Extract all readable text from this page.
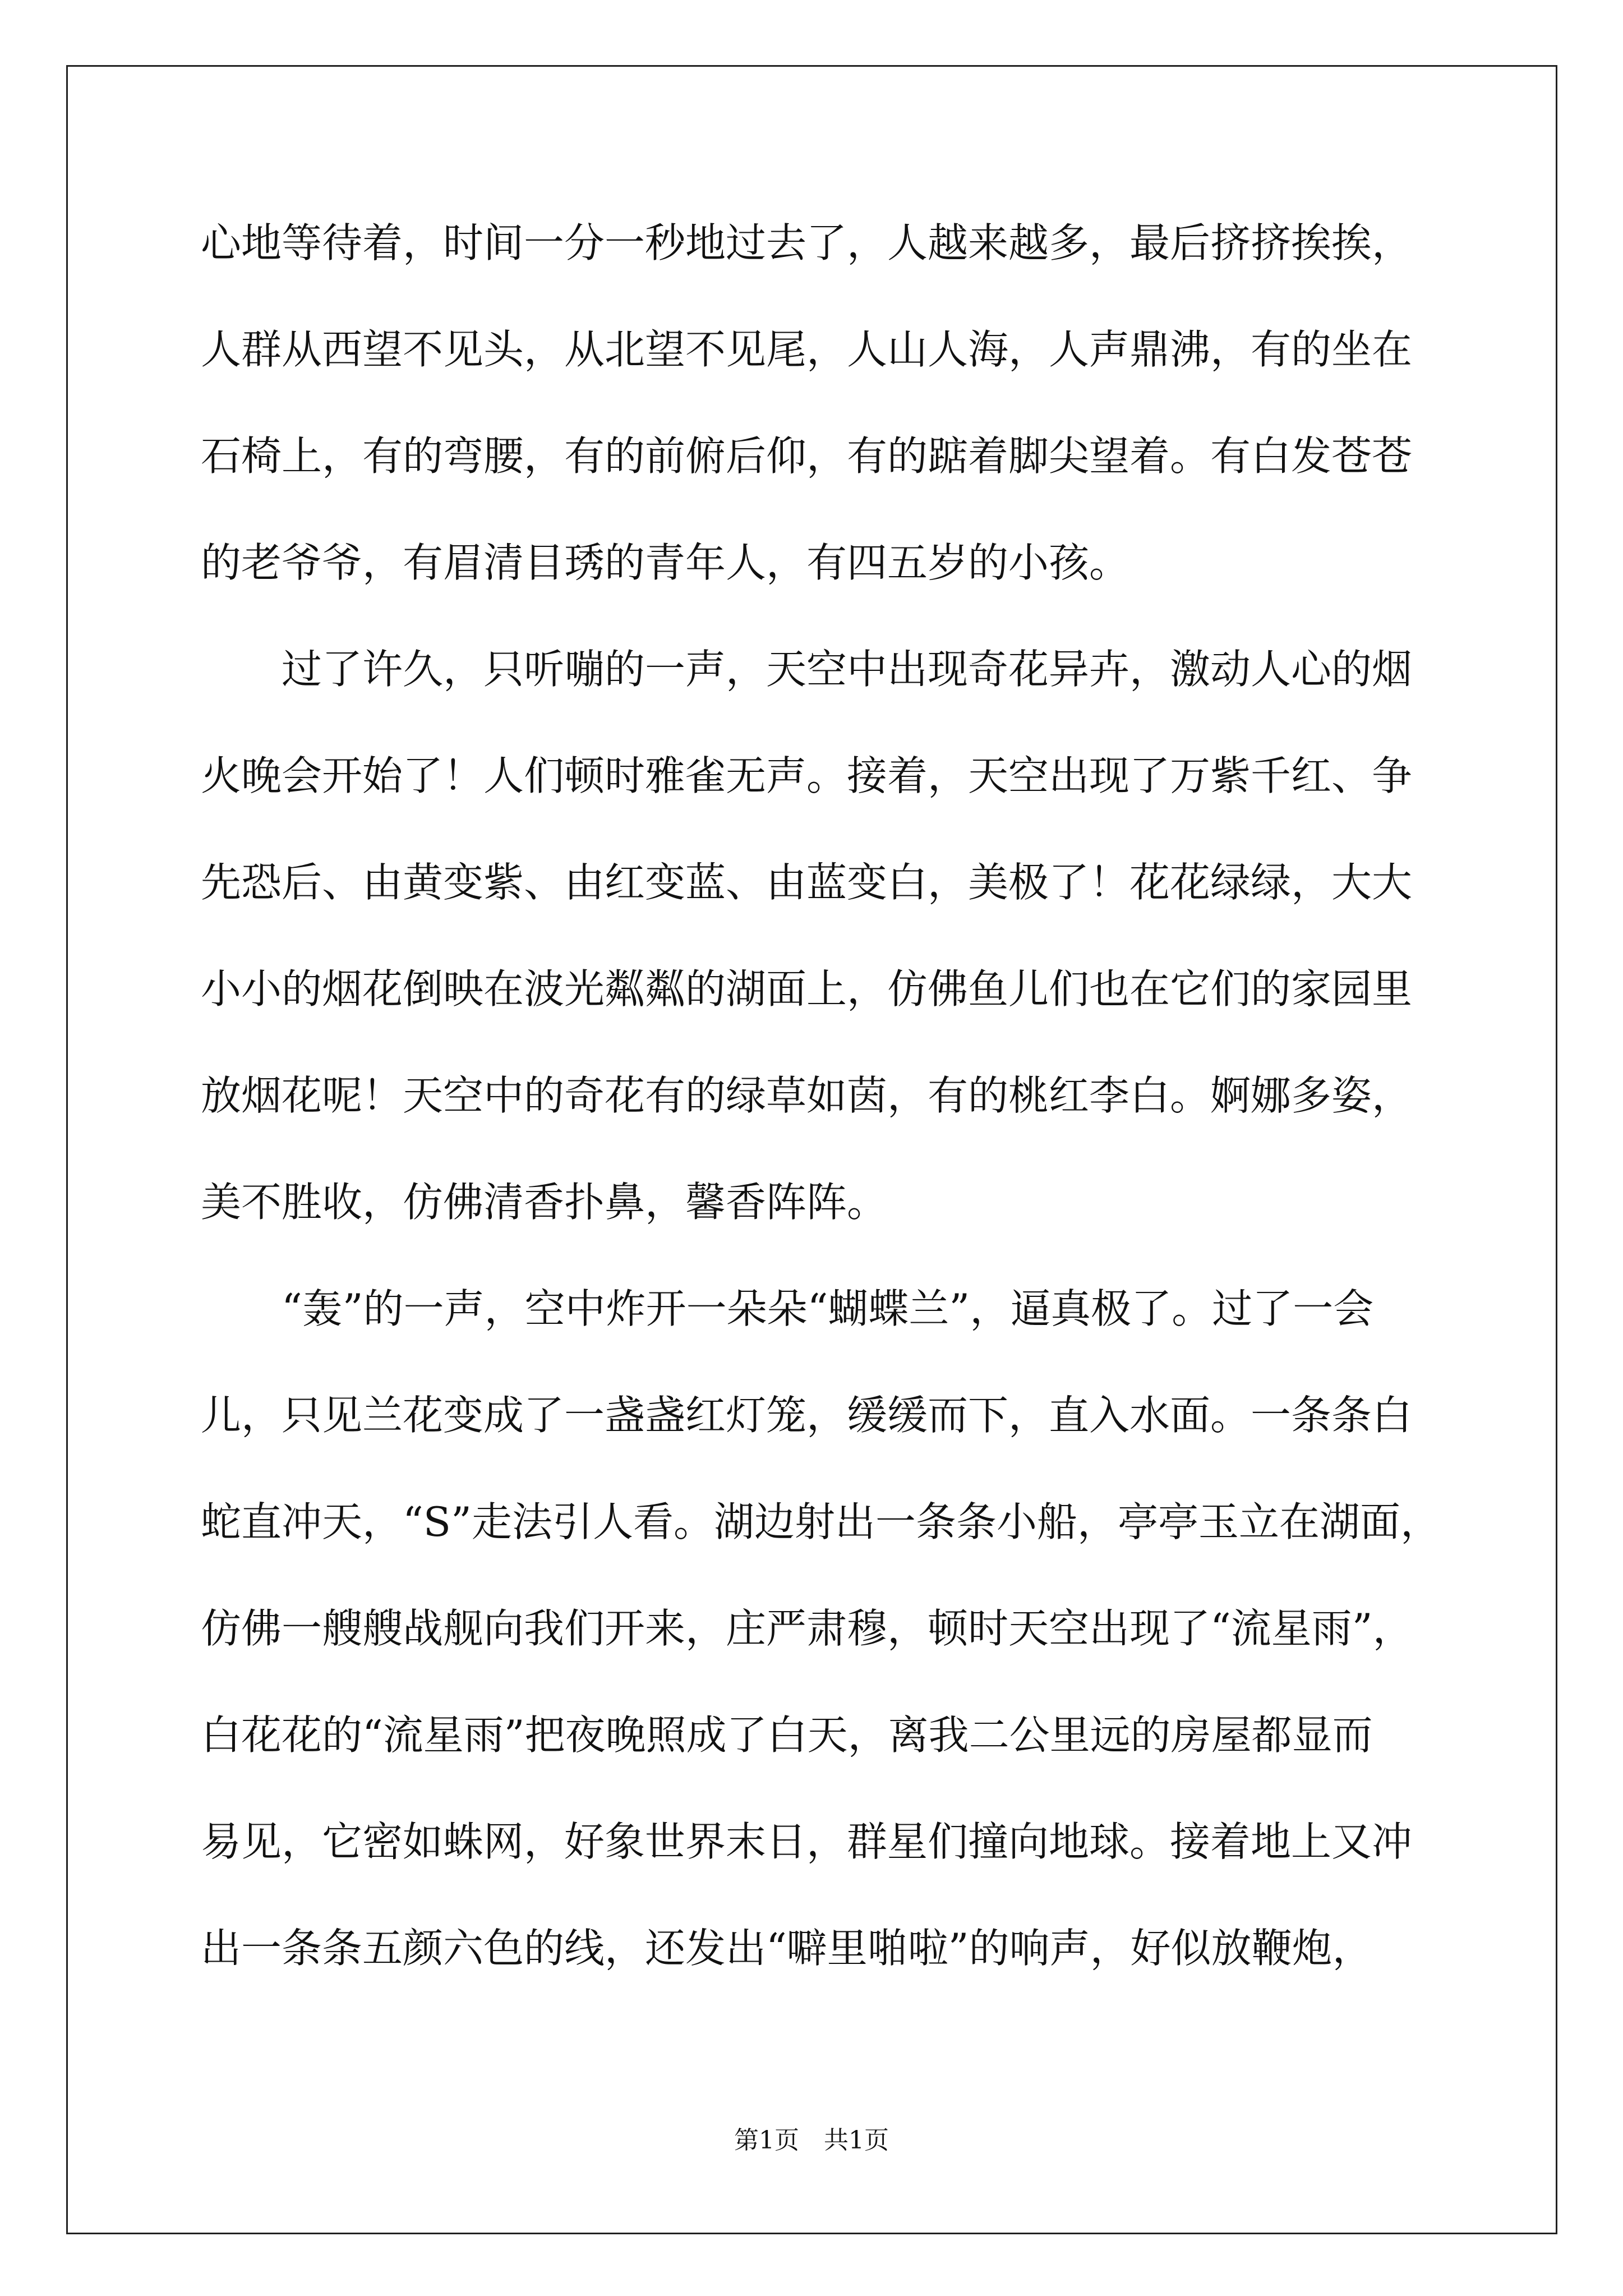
心地等待着，时间一分一秒地过去了，人越来越多，最后挤挤挨挨，
人群从西望不见头，从北望不见尾，人山人海，人声鼎沸，有的坐在
石椅上，有的弯腰，有的前俯后仰，有的踮着脚尖望着。有白发苍苍
的老爷爷，有眉清目琇的青年人，有四五岁的小孩。
　　过了许久，只听嘣的一声，天空中出现奇花异卉，激动人心的烟
火晚会开始了！人们顿时雅雀无声。接着，天空出现了万紫千红、争
先恐后、由黄变紫、由红变蓝、由蓝变白，美极了！花花绿绿，大大
小小的烟花倒映在波光粼粼的湖面上，仿佛鱼儿们也在它们的家园里
放烟花呢！天空中的奇花有的绿草如茵，有的桃红李白。婀娜多姿，
美不胜收，仿佛清香扑鼻，馨香阵阵。
　　“轰”的一声，空中炸开一朵朵“蝴蝶兰”，逼真极了。过了一会
儿，只见兰花变成了一盏盏红灯笼，缓缓而下，直入水面。一条条白
蛇直冲天，“S”走法引人看。湖边射出一条条小船，亭亭玉立在湖面，
仿佛一艘艘战舰向我们开来，庄严肃穆，顿时天空出现了“流星雨”，
白花花的“流星雨”把夜晚照成了白天，离我二公里远的房屋都显而
易见，它密如蛛网，好象世界末日，群星们撞向地球。接着地上又冲
出一条条五颜六色的线，还发出“噼里啪啦”的响声，好似放鞭炮，
第1页　共1页
